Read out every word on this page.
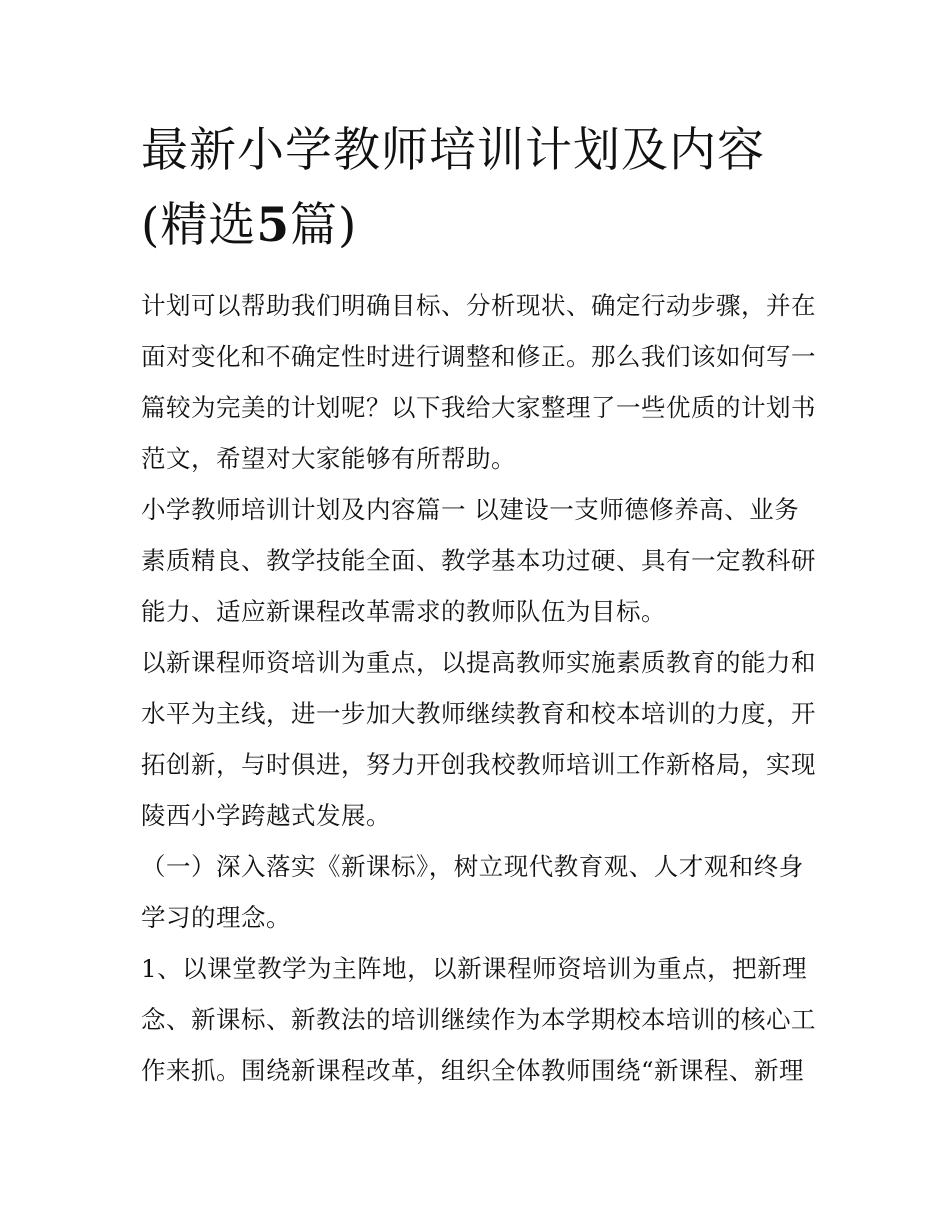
最新小学教师培训计划及内容
(精选5篇)

计划可以帮助我们明确目标、分析现状、确定行动步骤，并在
面对变化和不确定性时进行调整和修正。那么我们该如何写一
篇较为完美的计划呢？以下我给大家整理了一些优质的计划书
范文，希望对大家能够有所帮助。

小学教师培训计划及内容篇一 以建设一支师德修养高、业务
素质精良、教学技能全面、教学基本功过硬、具有一定教科研
能力、适应新课程改革需求的教师队伍为目标。

以新课程师资培训为重点，以提高教师实施素质教育的能力和
水平为主线，进一步加大教师继续教育和校本培训的力度，开
拓创新，与时俱进，努力开创我校教师培训工作新格局，实现
陵西小学跨越式发展。

（一）深入落实《新课标》，树立现代教育观、人才观和终身
学习的理念。

1、以课堂教学为主阵地，以新课程师资培训为重点，把新理
念、新课标、新教法的培训继续作为本学期校本培训的核心工
作来抓。围绕新课程改革，组织全体教师围绕“新课程、新理
